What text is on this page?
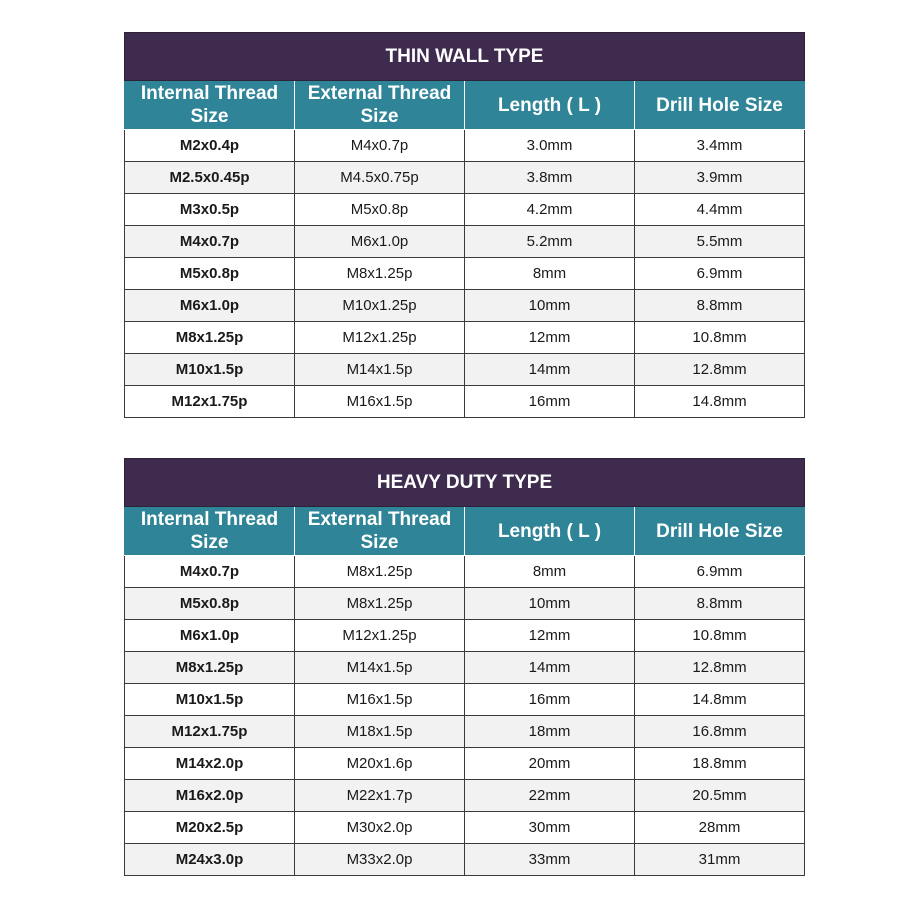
THIN WALL TYPE			
Internal Thread Size	External Thread Size	Length ( L )	Drill Hole Size
M2x0.4p	M4x0.7p	3.0mm	3.4mm
M2.5x0.45p	M4.5x0.75p	3.8mm	3.9mm
M3x0.5p	M5x0.8p	4.2mm	4.4mm
M4x0.7p	M6x1.0p	5.2mm	5.5mm
M5x0.8p	M8x1.25p	8mm	6.9mm
M6x1.0p	M10x1.25p	10mm	8.8mm
M8x1.25p	M12x1.25p	12mm	10.8mm
M10x1.5p	M14x1.5p	14mm	12.8mm
M12x1.75p	M16x1.5p	16mm	14.8mm
HEAVY DUTY TYPE			
Internal Thread Size	External Thread Size	Length ( L )	Drill Hole Size
M4x0.7p	M8x1.25p	8mm	6.9mm
M5x0.8p	M8x1.25p	10mm	8.8mm
M6x1.0p	M12x1.25p	12mm	10.8mm
M8x1.25p	M14x1.5p	14mm	12.8mm
M10x1.5p	M16x1.5p	16mm	14.8mm
M12x1.75p	M18x1.5p	18mm	16.8mm
M14x2.0p	M20x1.6p	20mm	18.8mm
M16x2.0p	M22x1.7p	22mm	20.5mm
M20x2.5p	M30x2.0p	30mm	28mm
M24x3.0p	M33x2.0p	33mm	31mm
